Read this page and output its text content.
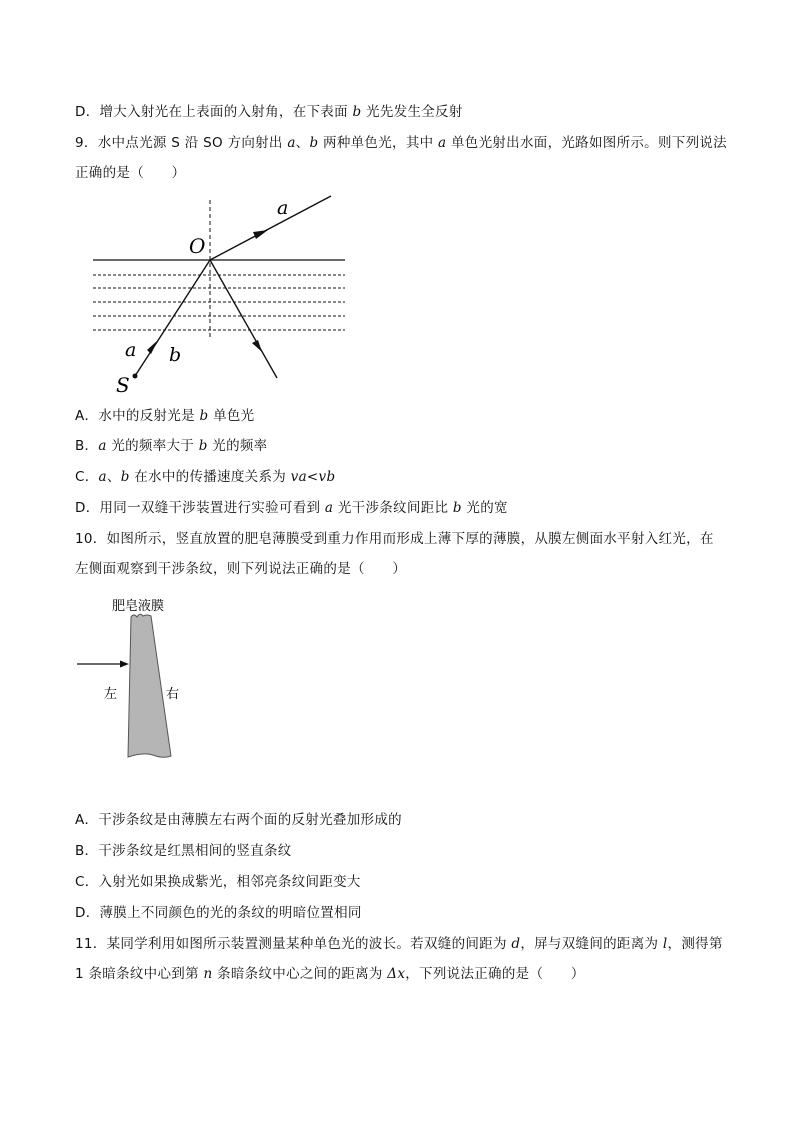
D．增大入射光在上表面的入射角，在下表面 b 光先发生全反射
9．水中点光源 S 沿 SO 方向射出 a、b 两种单色光，其中 a 单色光射出水面，光路如图所示。则下列说法
正确的是（　　）
O
a
a b
S
A．水中的反射光是 b 单色光
B．a 光的频率大于 b 光的频率
C．a、b 在水中的传播速度关系为 va<vb
D．用同一双缝干涉装置进行实验可看到 a 光干涉条纹间距比 b 光的宽
10．如图所示，竖直放置的肥皂薄膜受到重力作用而形成上薄下厚的薄膜，从膜左侧面水平射入红光，在
左侧面观察到干涉条纹，则下列说法正确的是（　　）
肥皂液膜
左	右
A．干涉条纹是由薄膜左右两个面的反射光叠加形成的
B．干涉条纹是红黑相间的竖直条纹
C．入射光如果换成紫光，相邻亮条纹间距变大
D．薄膜上不同颜色的光的条纹的明暗位置相同
11．某同学利用如图所示装置测量某种单色光的波长。若双缝的间距为 d，屏与双缝间的距离为 l，测得第
1 条暗条纹中心到第 n 条暗条纹中心之间的距离为 Δx，下列说法正确的是（　　）
